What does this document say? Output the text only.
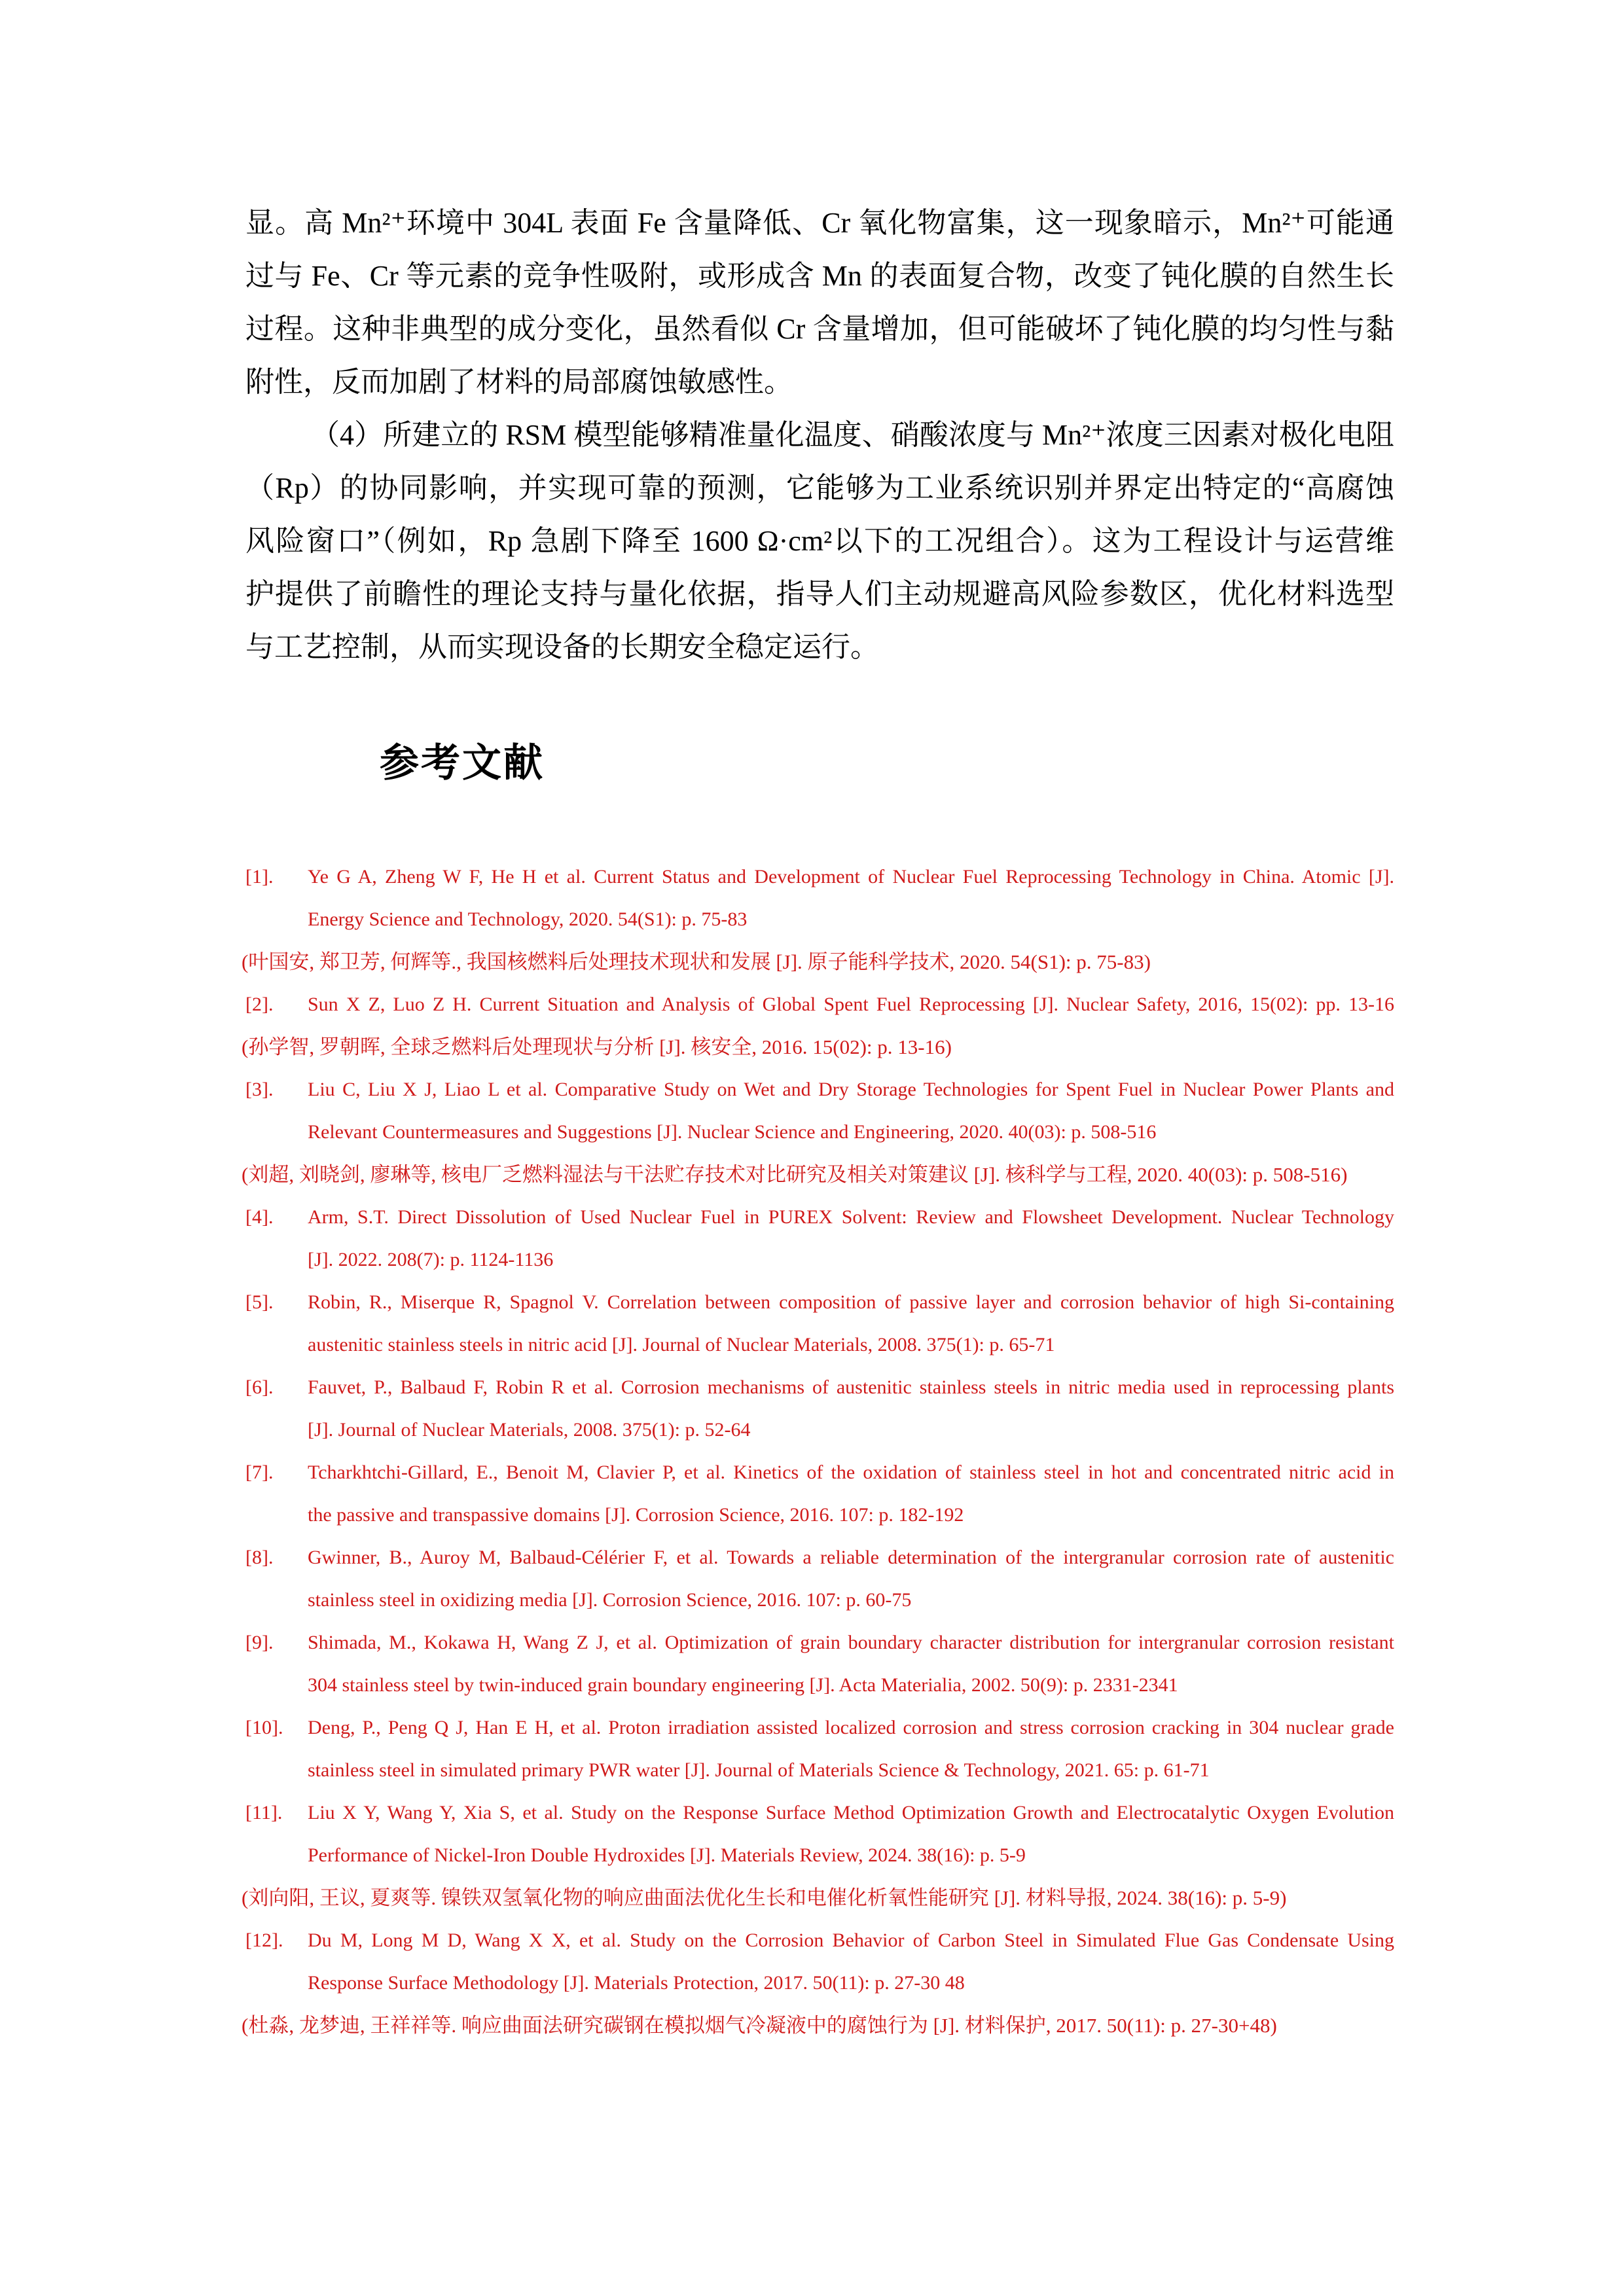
显。高 Mn²⁺环境中 304L 表面 Fe 含量降低、Cr 氧化物富集，这一现象暗示，Mn²⁺可能通
过与 Fe、Cr 等元素的竞争性吸附，或形成含 Mn 的表面复合物，改变了钝化膜的自然生长
过程。这种非典型的成分变化，虽然看似 Cr 含量增加，但可能破坏了钝化膜的均匀性与黏
附性，反而加剧了材料的局部腐蚀敏感性。
（4）所建立的 RSM 模型能够精准量化温度、硝酸浓度与 Mn²⁺浓度三因素对极化电阻
（Rp）的协同影响，并实现可靠的预测，它能够为工业系统识别并界定出特定的“高腐蚀
风险窗口”（例如，Rp 急剧下降至 1600 Ω·cm²以下的工况组合）。这为工程设计与运营维
护提供了前瞻性的理论支持与量化依据，指导人们主动规避高风险参数区，优化材料选型
与工艺控制，从而实现设备的长期安全稳定运行。
参考文献
[1].	Ye G A, Zheng W F, He H et al. Current Status and Development of Nuclear Fuel Reprocessing Technology in China. Atomic [J].
Energy Science and Technology, 2020. 54(S1): p. 75-83
(叶国安, 郑卫芳, 何辉等., 我国核燃料后处理技术现状和发展 [J]. 原子能科学技术, 2020. 54(S1): p. 75-83)
[2].	Sun X Z, Luo Z H. Current Situation and Analysis of Global Spent Fuel Reprocessing [J]. Nuclear Safety, 2016, 15(02): pp. 13-16
(孙学智, 罗朝晖, 全球乏燃料后处理现状与分析 [J]. 核安全, 2016. 15(02): p. 13-16)
[3].	Liu C, Liu X J, Liao L et al. Comparative Study on Wet and Dry Storage Technologies for Spent Fuel in Nuclear Power Plants and
Relevant Countermeasures and Suggestions [J]. Nuclear Science and Engineering, 2020. 40(03): p. 508-516
(刘超, 刘晓剑, 廖琳等, 核电厂乏燃料湿法与干法贮存技术对比研究及相关对策建议 [J]. 核科学与工程, 2020. 40(03): p. 508-516)
[4].	Arm, S.T. Direct Dissolution of Used Nuclear Fuel in PUREX Solvent: Review and Flowsheet Development. Nuclear Technology
[J]. 2022. 208(7): p. 1124-1136
[5].	Robin, R., Miserque R, Spagnol V. Correlation between composition of passive layer and corrosion behavior of high Si-containing
austenitic stainless steels in nitric acid [J]. Journal of Nuclear Materials, 2008. 375(1): p. 65-71
[6].	Fauvet, P., Balbaud F, Robin R et al. Corrosion mechanisms of austenitic stainless steels in nitric media used in reprocessing plants
[J]. Journal of Nuclear Materials, 2008. 375(1): p. 52-64
[7].	Tcharkhtchi-Gillard, E., Benoit M, Clavier P, et al. Kinetics of the oxidation of stainless steel in hot and concentrated nitric acid in
the passive and transpassive domains [J]. Corrosion Science, 2016. 107: p. 182-192
[8].	Gwinner, B., Auroy M, Balbaud-Célérier F, et al. Towards a reliable determination of the intergranular corrosion rate of austenitic
stainless steel in oxidizing media [J]. Corrosion Science, 2016. 107: p. 60-75
[9].	Shimada, M., Kokawa H, Wang Z J, et al. Optimization of grain boundary character distribution for intergranular corrosion resistant
304 stainless steel by twin-induced grain boundary engineering [J]. Acta Materialia, 2002. 50(9): p. 2331-2341
[10].	Deng, P., Peng Q J, Han E H, et al. Proton irradiation assisted localized corrosion and stress corrosion cracking in 304 nuclear grade
stainless steel in simulated primary PWR water [J]. Journal of Materials Science & Technology, 2021. 65: p. 61-71
[11].	Liu X Y, Wang Y, Xia S, et al. Study on the Response Surface Method Optimization Growth and Electrocatalytic Oxygen Evolution
Performance of Nickel-Iron Double Hydroxides [J]. Materials Review, 2024. 38(16): p. 5-9
(刘向阳, 王议, 夏爽等. 镍铁双氢氧化物的响应曲面法优化生长和电催化析氧性能研究 [J]. 材料导报, 2024. 38(16): p. 5-9)
[12].	Du M, Long M D, Wang X X, et al. Study on the Corrosion Behavior of Carbon Steel in Simulated Flue Gas Condensate Using
Response Surface Methodology [J]. Materials Protection, 2017. 50(11): p. 27-30 48
(杜淼, 龙梦迪, 王祥祥等. 响应曲面法研究碳钢在模拟烟气冷凝液中的腐蚀行为 [J]. 材料保护, 2017. 50(11): p. 27-30+48)
